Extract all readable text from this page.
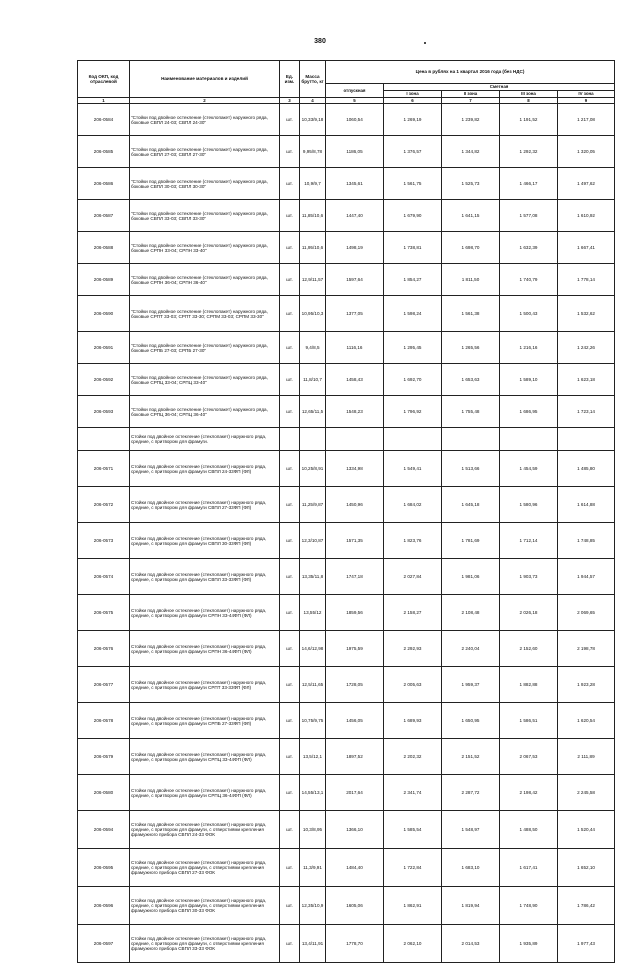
380
Код ОКП, код отраслевой	Наименование материалов и изделий	Ед. изм.	Масса брутто, кг	Цена в рублях на 1 квартал 2016 года (без НДС)				
				отпускная	Сметная			
					I зона	II зона	III зона	IV зона
1	2	3	4	5	6	7	8	9
206-0584	"Стойки под двойное остекление (стеклопакет) наружного ряда, боковые СВПЛ 24-03; СВПЛ 24-30"	шт.	10,33/9,18	1060,54	1 269,19	1 239,82	1 191,52	1 217,08
206-0585	"Стойки под двойное остекление (стеклопакет) наружного ряда, боковые СВПЛ 27-03; СВПЛ 27-30"	шт.	9,95/8,78	1186,05	1 376,57	1 344,82	1 292,32	1 320,05
206-0586	"Стойки под двойное остекление (стеклопакет) наружного ряда, боковые СВПЛ 30-03; СВПЛ 30-30"	шт.	10,9/9,7	1345,61	1 561,75	1 525,73	1 466,17	1 497,62
206-0587	"Стойки под двойное остекление (стеклопакет) наружного ряда, боковые СВПЛ 33-03; СВПЛ 33-30"	шт.	11,85/10,6	1447,40	1 679,90	1 641,15	1 577,08	1 610,92
206-0588	"Стойки под двойное остекление (стеклопакет) наружного ряда, боковые СРПН 33-04; СРПН 33-40"	шт.	11,95/10,6	1498,19	1 738,81	1 698,70	1 632,39	1 667,41
206-0589	"Стойки под двойное остекление (стеклопакет) наружного ряда, боковые СРПН 36-04; СРПН 36-40"	шт.	12,9/11,57	1597,64	1 854,27	1 811,50	1 740,79	1 778,14
206-0590	"Стойки под двойное остекление (стеклопакет) наружного ряда, боковые СРПТ 33-03; СРПТ 33-30; СРПМ 33-03; СРПМ 33-30"	шт.	10,95/10,3	1377,05	1 598,24	1 561,38	1 500,43	1 532,62
206-0591	"Стойки под двойное остекление (стеклопакет) наружного ряда, боковые СРПБ 27-03; СРПБ 27-30"	шт.	9,4/8,5	1116,16	1 295,45	1 265,56	1 216,16	1 242,26
206-0592	"Стойки под двойное остекление (стеклопакет) наружного ряда, боковые СРПЦ 33-04; СРПЦ 33-40"	шт.	11,8/10,7	1458,43	1 692,70	1 653,63	1 589,10	1 623,18
206-0593	"Стойки под двойное остекление (стеклопакет) наружного ряда, боковые СРПЦ 36-04; СРПЦ 36-40"	шт.	12,65/11,5	1548,23	1 796,92	1 755,48	1 686,95	1 723,14
	Стойки под двойное остекление (стеклопакет) наружного ряда, средние, с притвором для фрамуги.							
206-0571	Стойки под двойное остекление (стеклопакет) наружного ряда, средние, с притвором для фрамуги СВПЛ 24-33ФП (ФЛ)	шт.	10,25/8,91	1334,98	1 549,41	1 513,66	1 454,59	1 485,80
206-0572	Стойки под двойное остекление (стеклопакет) наружного ряда, средние, с притвором для фрамуги СВПЛ 27-33ФП (ФЛ)	шт.	11,25/9,87	1450,96	1 684,02	1 645,18	1 580,96	1 614,88
206-0573	Стойки под двойное остекление (стеклопакет) наружного ряда, средние, с притвором для фрамуги СВПЛ 30-33ФП (ФЛ)	шт.	12,3/10,87	1571,35	1 823,76	1 781,69	1 712,14	1 748,85
206-0574	Стойки под двойное остекление (стеклопакет) наружного ряда, средние, с притвором для фрамуги СВПЛ 33-33ФП (ФЛ)	шт.	13,35/11,8	1747,18	2 027,84	1 981,06	1 903,73	1 944,57
206-0575	Стойки под двойное остекление (стеклопакет) наружного ряда, средние, с притвором для фрамуги СРПН 33-44ФП (ФЛ)	шт.	13,55/12	1859,56	2 158,27	2 108,48	2 026,18	2 069,65
206-0576	Стойки под двойное остекление (стеклопакет) наружного ряда, средние, с притвором для фрамуги СРПН 36-44ФП (ФЛ)	шт.	14,6/12,98	1975,59	2 292,93	2 240,04	2 152,60	2 198,78
206-0577	Стойки под двойное остекление (стеклопакет) наружного ряда, средние, с притвором для фрамуги СРПТ 33-33ФП (ФЛ)	шт.	12,5/11,65	1728,05	2 005,63	1 959,37	1 882,88	1 923,28
206-0578	Стойки под двойное остекление (стеклопакет) наружного ряда, средние, с притвором для фрамуги СРПБ 27-33ФП (ФЛ)	шт.	10,75/9,75	1456,05	1 689,93	1 650,95	1 586,51	1 620,54
206-0579	Стойки под двойное остекление (стеклопакет) наружного ряда, средние, с притвором для фрамуги СРПЦ 33-44ФП (ФЛ)	шт.	13,5/12,1	1897,52	2 202,32	2 151,52	2 067,53	2 111,89
206-0580	Стойки под двойное остекление (стеклопакет) наружного ряда, средние, с притвором для фрамуги СРПЦ 36-44ФП (ФЛ)	шт.	14,55/13,1	2017,64	2 341,74	2 287,72	2 198,42	2 245,58
206-0594	Стойки под двойное остекление (стеклопакет) наружного ряда, средние, с притвором для фрамуги, с отверстиями крепления фрамужного прибора СВПЛ 24-33 ФОК	шт.	10,3/8,95	1366,10	1 585,54	1 548,97	1 488,50	1 520,44
206-0595	Стойки под двойное остекление (стеклопакет) наружного ряда, средние, с притвором для фрамуги, с отверстиями крепления фрамужного прибора СВПЛ 27-33 ФОК	шт.	11,3/9,91	1484,40	1 722,84	1 683,10	1 617,41	1 652,10
206-0596	Стойки под двойное остекление (стеклопакет) наружного ряда, средние, с притвором для фрамуги, с отверстиями крепления фрамужного прибора СВПЛ 30-33 ФОК	шт.	12,35/10,9	1605,06	1 862,91	1 819,94	1 748,90	1 786,42
206-0597	Стойки под двойное остекление (стеклопакет) наружного ряда, средние, с притвором для фрамуги, с отверстиями крепления фрамужного прибора СВПЛ 33-33 ФОК	шт.	13,4/11,91	1778,70	2 062,10	2 014,53	1 935,89	1 977,43
